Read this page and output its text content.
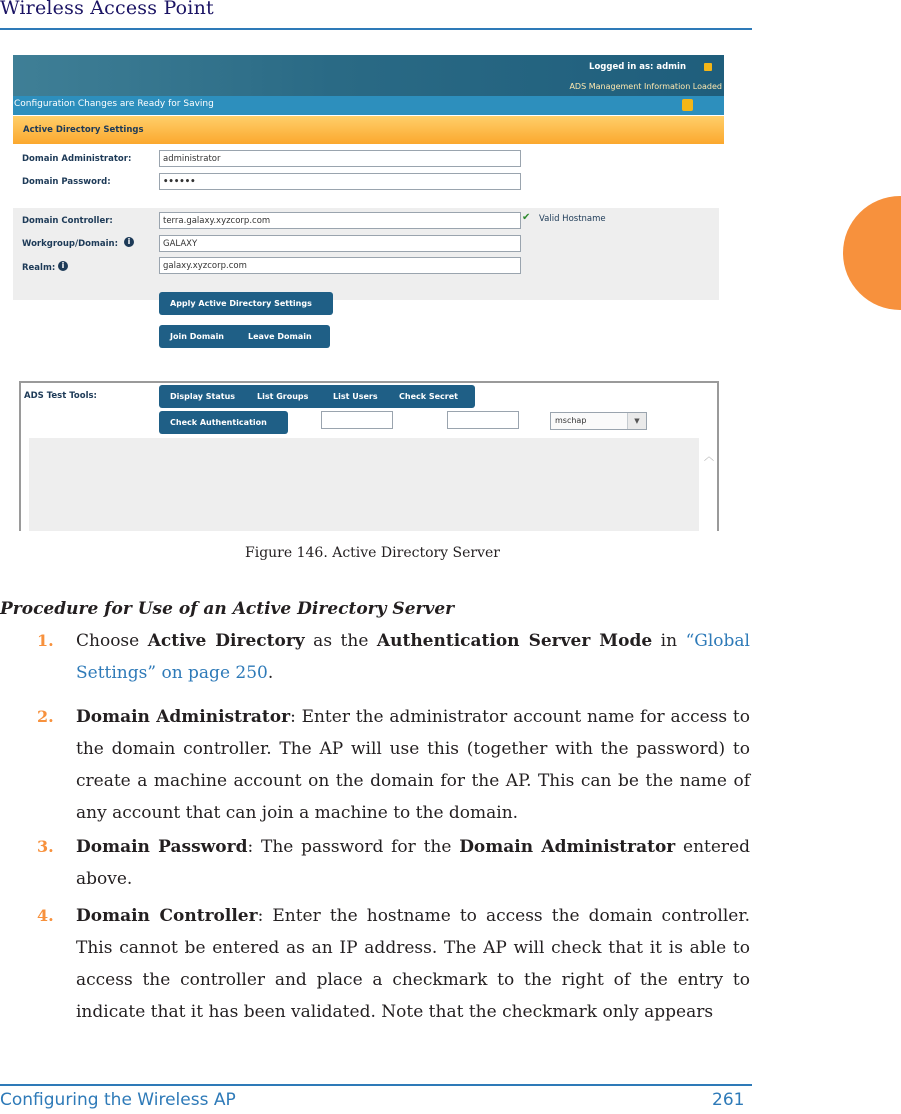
Wireless Access Point
Logged in as: admin
ADS Management Information Loaded
Configuration Changes are Ready for Saving
Active Directory Settings
Domain Administrator:	administrator
Domain Password:	••••••
Domain Controller:	terra.galaxy.xyzcorp.com	✔ Valid Hostname
Workgroup/Domain:	i	GALAXY
Realm: i	galaxy.xyzcorp.com
Apply Active Directory Settings
Join Domain	Leave Domain
︿
ADS Test Tools:	Display Status	List Groups	List Users	Check Secret
Check Authentication	mschap	▼
Figure 146. Active Directory Server
Procedure for Use of an Active Directory Server
1. Choose Active Directory as the Authentication Server Mode in “Global Settings” on page 250.
2. Domain Administrator: Enter the administrator account name for access to the domain controller. The AP will use this (together with the password) to create a machine account on the domain for the AP. This can be the name of any account that can join a machine to the domain.
3. Domain Password: The password for the Domain Administrator entered above.
4. Domain Controller: Enter the hostname to access the domain controller. This cannot be entered as an IP address. The AP will check that it is able to access the controller and place a checkmark to the right of the entry to indicate that it has been validated. Note that the checkmark only appears
Configuring the Wireless AP	261
